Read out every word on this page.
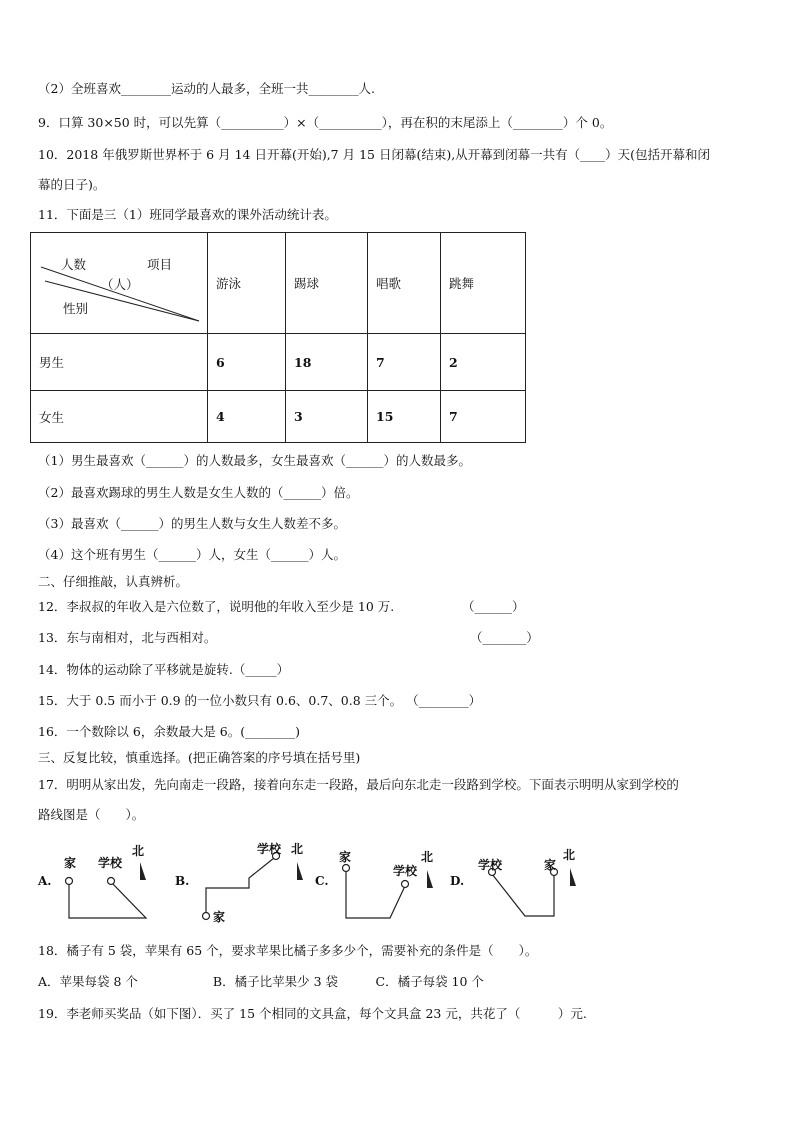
（2）全班喜欢________运动的人最多，全班一共________人.
9．口算 30×50 时，可以先算（__________）×（__________），再在积的末尾添上（________）个 0。
10．2018 年俄罗斯世界杯于 6 月 14 日开幕(开始),7 月 15 日闭幕(结束),从开幕到闭幕一共有（____）天(包括开幕和闭
幕的日子)。
11．下面是三（1）班同学最喜欢的课外活动统计表。
人数
（人）
项目
性别	游泳	踢球	唱歌	跳舞
男生	6	18	7	2
女生	4	3	15	7
（1）男生最喜欢（______）的人数最多，女生最喜欢（______）的人数最多。
（2）最喜欢踢球的男生人数是女生人数的（______）倍。
（3）最喜欢（______）的男生人数与女生人数差不多。
（4）这个班有男生（______）人，女生（______）人。
二、仔细推敲，认真辨析。
12．李叔叔的年收入是六位数了，说明他的年收入至少是 10 万.	（______）
13．东与南相对，北与西相对。	（_______）
14．物体的运动除了平移就是旋转.（_____）
15．大于 0.5 而小于 0.9 的一位小数只有 0.6、0.7、0.8 三个。 （________）
16．一个数除以 6，余数最大是 6。(________)
三、反复比较，慎重选择。(把正确答案的序号填在括号里)
17．明明从家出发，先向南走一段路，接着向东走一段路，最后向东北走一段路到学校。下面表示明明从家到学校的
路线图是（　　）。
A.
家 学校
北
B.
家
学校 北
C.
家
学校
北
D.
学校	家
北
18．橘子有 5 袋，苹果有 65 个，要求苹果比橘子多多少个，需要补充的条件是（　　）。
A．苹果每袋 8 个　　　　　　B．橘子比苹果少 3 袋　　　C．橘子每袋 10 个
19．李老师买奖品（如下图）．买了 15 个相同的文具盒，每个文具盒 23 元，共花了（　　　）元.
